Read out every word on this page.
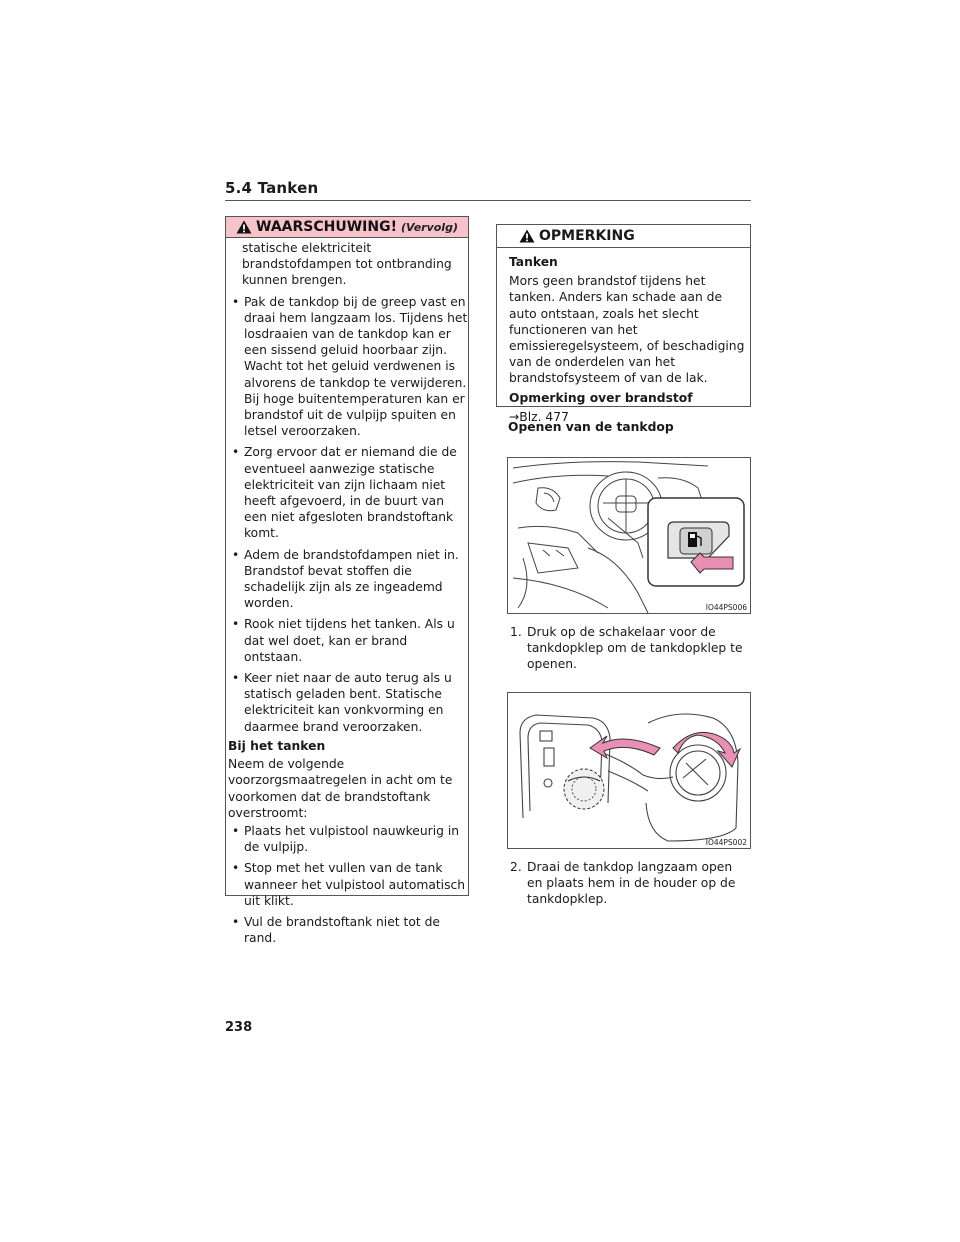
5.4 Tanken
WAARSCHUWING! (Vervolg)

statische elektriciteit brandstofdampen tot ontbranding kunnen brengen.

• Pak de tankdop bij de greep vast en draai hem langzaam los. Tijdens het losdraaien van de tankdop kan er een sissend geluid hoorbaar zijn. Wacht tot het geluid verdwenen is alvorens de tankdop te verwijderen. Bij hoge buitentemperaturen kan er brandstof uit de vulpijp spuiten en letsel veroorzaken.

• Zorg ervoor dat er niemand die de eventueel aanwezige statische elektriciteit van zijn lichaam niet heeft afgevoerd, in de buurt van een niet afgesloten brandstoftank komt.

• Adem de brandstofdampen niet in. Brandstof bevat stoffen die schadelijk zijn als ze ingeademd worden.

• Rook niet tijdens het tanken. Als u dat wel doet, kan er brand ontstaan.

• Keer niet naar de auto terug als u statisch geladen bent. Statische elektriciteit kan vonkvorming en daarmee brand veroorzaken.

Bij het tanken

Neem de volgende voorzorgsmaatregelen in acht om te voorkomen dat de brandstoftank overstroomt:

• Plaats het vulpistool nauwkeurig in de vulpijp.

• Stop met het vullen van de tank wanneer het vulpistool automatisch uit klikt.

• Vul de brandstoftank niet tot de rand.

OPMERKING

Tanken

Mors geen brandstof tijdens het tanken. Anders kan schade aan de auto ontstaan, zoals het slecht functioneren van het emissieregelsysteem, of beschadiging van de onderdelen van het brandstofsysteem of van de lak.

Opmerking over brandstof

→Blz. 477

Openen van de tankdop
IO44PS006
1. Druk op de schakelaar voor de tankdopklep om de tankdopklep te openen.
IO44PS002
2. Draai de tankdop langzaam open en plaats hem in de houder op de tankdopklep.
238
